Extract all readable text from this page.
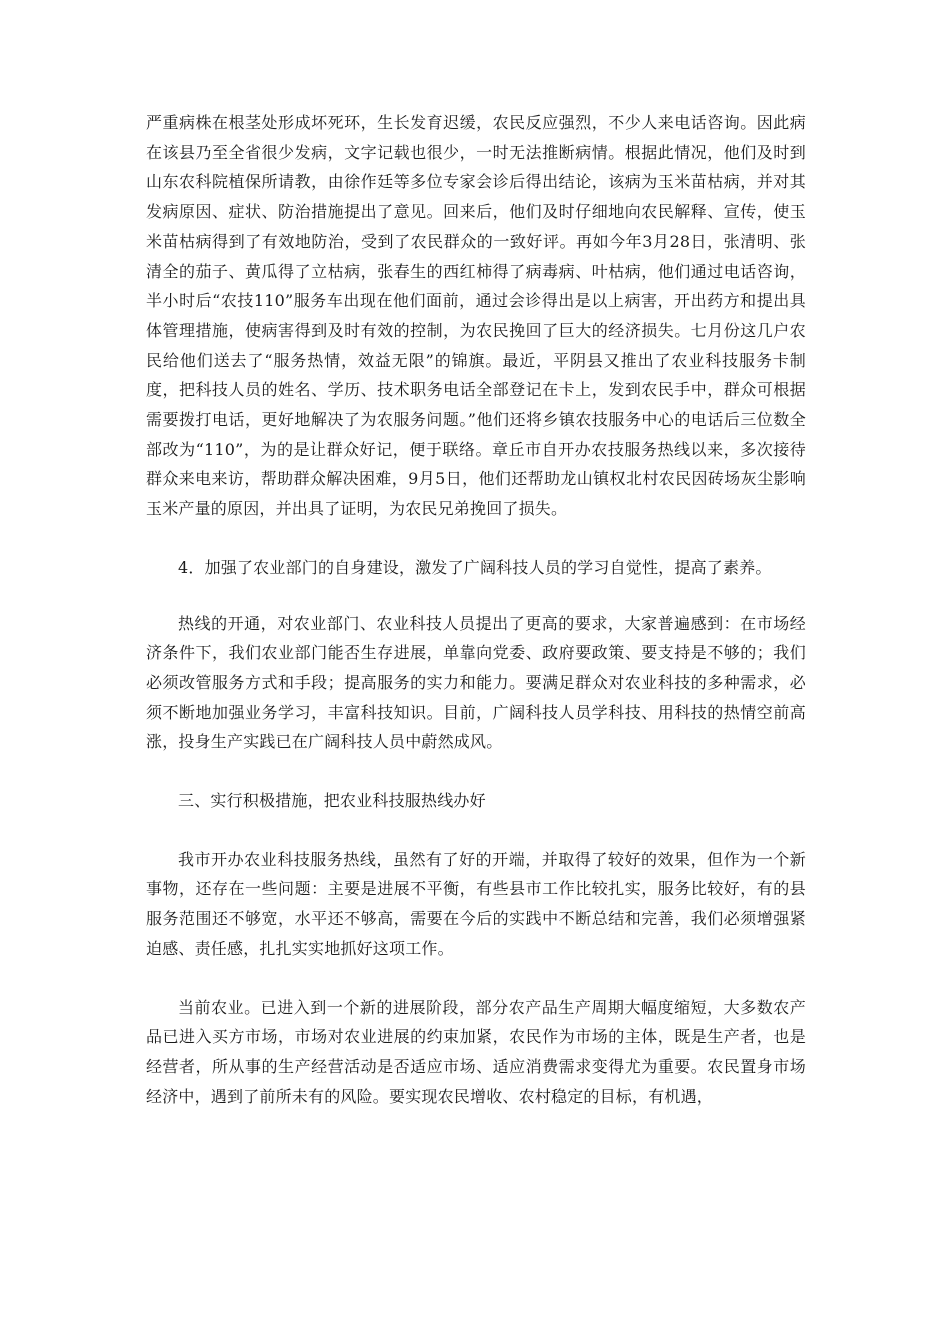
严重病株在根茎处形成坏死环，生长发育迟缓，农民反应强烈，不少人来电话咨询。因此病在该县乃至全省很少发病，文字记载也很少，一时无法推断病情。根据此情况，他们及时到山东农科院植保所请教，由徐作廷等多位专家会诊后得出结论，该病为玉米苗枯病，并对其发病原因、症状、防治措施提出了意见。回来后，他们及时仔细地向农民解释、宣传，使玉米苗枯病得到了有效地防治，受到了农民群众的一致好评。再如今年3月28日，张清明、张清全的茄子、黄瓜得了立枯病，张春生的西红柿得了病毒病、叶枯病，他们通过电话咨询，半小时后“农技110”服务车出现在他们面前，通过会诊得出是以上病害，开出药方和提出具体管理措施，使病害得到及时有效的控制，为农民挽回了巨大的经济损失。七月份这几户农民给他们送去了“服务热情，效益无限”的锦旗。最近，平阴县又推出了农业科技服务卡制度，把科技人员的姓名、学历、技术职务电话全部登记在卡上，发到农民手中，群众可根据需要拨打电话，更好地解决了为农服务问题。”他们还将乡镇农技服务中心的电话后三位数全部改为“110”，为的是让群众好记，便于联络。章丘市自开办农技服务热线以来，多次接待群众来电来访，帮助群众解决困难，9月5日，他们还帮助龙山镇权北村农民因砖场灰尘影响玉米产量的原因，并出具了证明，为农民兄弟挽回了损失。

4．加强了农业部门的自身建设，激发了广阔科技人员的学习自觉性，提高了素养。

热线的开通，对农业部门、农业科技人员提出了更高的要求，大家普遍感到：在市场经济条件下，我们农业部门能否生存进展，单靠向党委、政府要政策、要支持是不够的；我们必须改管服务方式和手段；提高服务的实力和能力。要满足群众对农业科技的多种需求，必须不断地加强业务学习，丰富科技知识。目前，广阔科技人员学科技、用科技的热情空前高涨，投身生产实践已在广阔科技人员中蔚然成风。

三、实行积极措施，把农业科技服热线办好

我市开办农业科技服务热线，虽然有了好的开端，并取得了较好的效果，但作为一个新事物，还存在一些问题：主要是进展不平衡，有些县市工作比较扎实，服务比较好，有的县服务范围还不够宽，水平还不够高，需要在今后的实践中不断总结和完善，我们必须增强紧迫感、责任感，扎扎实实地抓好这项工作。

当前农业。已进入到一个新的进展阶段，部分农产品生产周期大幅度缩短，大多数农产品已进入买方市场，市场对农业进展的约束加紧，农民作为市场的主体，既是生产者，也是经营者，所从事的生产经营活动是否适应市场、适应消费需求变得尤为重要。农民置身市场经济中，遇到了前所未有的风险。要实现农民增收、农村稳定的目标，有机遇，
